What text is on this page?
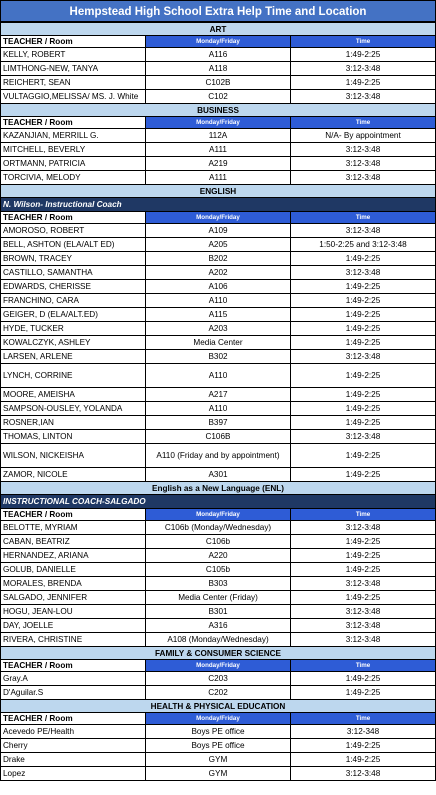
Hempstead High School Extra Help Time and Location
ART		
TEACHER / Room	Monday/Friday	Time
KELLY, ROBERT	A116	1:49-2:25
LIMTHONG-NEW, TANYA	A118	3:12-3:48
REICHERT, SEAN	C102B	1:49-2:25
VULTAGGIO,MELISSA/ MS. J. White	C102	3:12-3:48
BUSINESS		
TEACHER / Room	Monday/Friday	Time
KAZANJIAN, MERRILL G.	112A	N/A- By appointment
MITCHELL, BEVERLY	A111	3:12-3:48
ORTMANN, PATRICIA	A219	3:12-3:48
TORCIVIA, MELODY	A111	3:12-3:48
ENGLISH		
N. Wilson- Instructional Coach		
TEACHER / Room	Monday/Friday	Time
AMOROSO, ROBERT	A109	3:12-3:48
BELL, ASHTON (ELA/ALT ED)	A205	1:50-2:25 and 3:12-3:48
BROWN, TRACEY	B202	1:49-2:25
CASTILLO, SAMANTHA	A202	3:12-3:48
EDWARDS, CHERISSE	A106	1:49-2:25
FRANCHINO, CARA	A110	1:49-2:25
GEIGER, D (ELA/ALT.ED)	A115	1:49-2:25
HYDE, TUCKER	A203	1:49-2:25
KOWALCZYK, ASHLEY	Media Center	1:49-2:25
LARSEN, ARLENE	B302	3:12-3:48
LYNCH, CORRINE	A110	1:49-2:25
MOORE, AMEISHA	A217	1:49-2:25
SAMPSON-OUSLEY, YOLANDA	A110	1:49-2:25
ROSNER,IAN	B397	1:49-2:25
THOMAS, LINTON	C106B	3:12-3:48
WILSON, NICKEISHA	A110 (Friday and by appointment)	1:49-2:25
ZAMOR, NICOLE	A301	1:49-2:25
English as a New Language (ENL)		
INSTRUCTIONAL COACH-SALGADO		
TEACHER / Room	Monday/Friday	Time
BELOTTE, MYRIAM	C106b (Monday/Wednesday)	3:12-3:48
CABAN, BEATRIZ	C106b	1:49-2:25
HERNANDEZ, ARIANA	A220	1:49-2:25
GOLUB, DANIELLE	C105b	1:49-2:25
MORALES, BRENDA	B303	3:12-3:48
SALGADO, JENNIFER	Media Center (Friday)	1:49-2:25
HOGU, JEAN-LOU	B301	3:12-3:48
DAY, JOELLE	A316	3:12-3:48
RIVERA, CHRISTINE	A108 (Monday/Wednesday)	3:12-3:48
FAMILY & CONSUMER SCIENCE		
TEACHER / Room	Monday/Friday	Time
Gray.A	C203	1:49-2:25
D'Aguilar.S	C202	1:49-2:25
HEALTH & PHYSICAL EDUCATION		
TEACHER / Room	Monday/Friday	Time
Acevedo PE/Health	Boys PE office	3:12-348
Cherry	Boys PE office	1:49-2:25
Drake	GYM	1:49-2:25
Lopez	GYM	3:12-3:48
